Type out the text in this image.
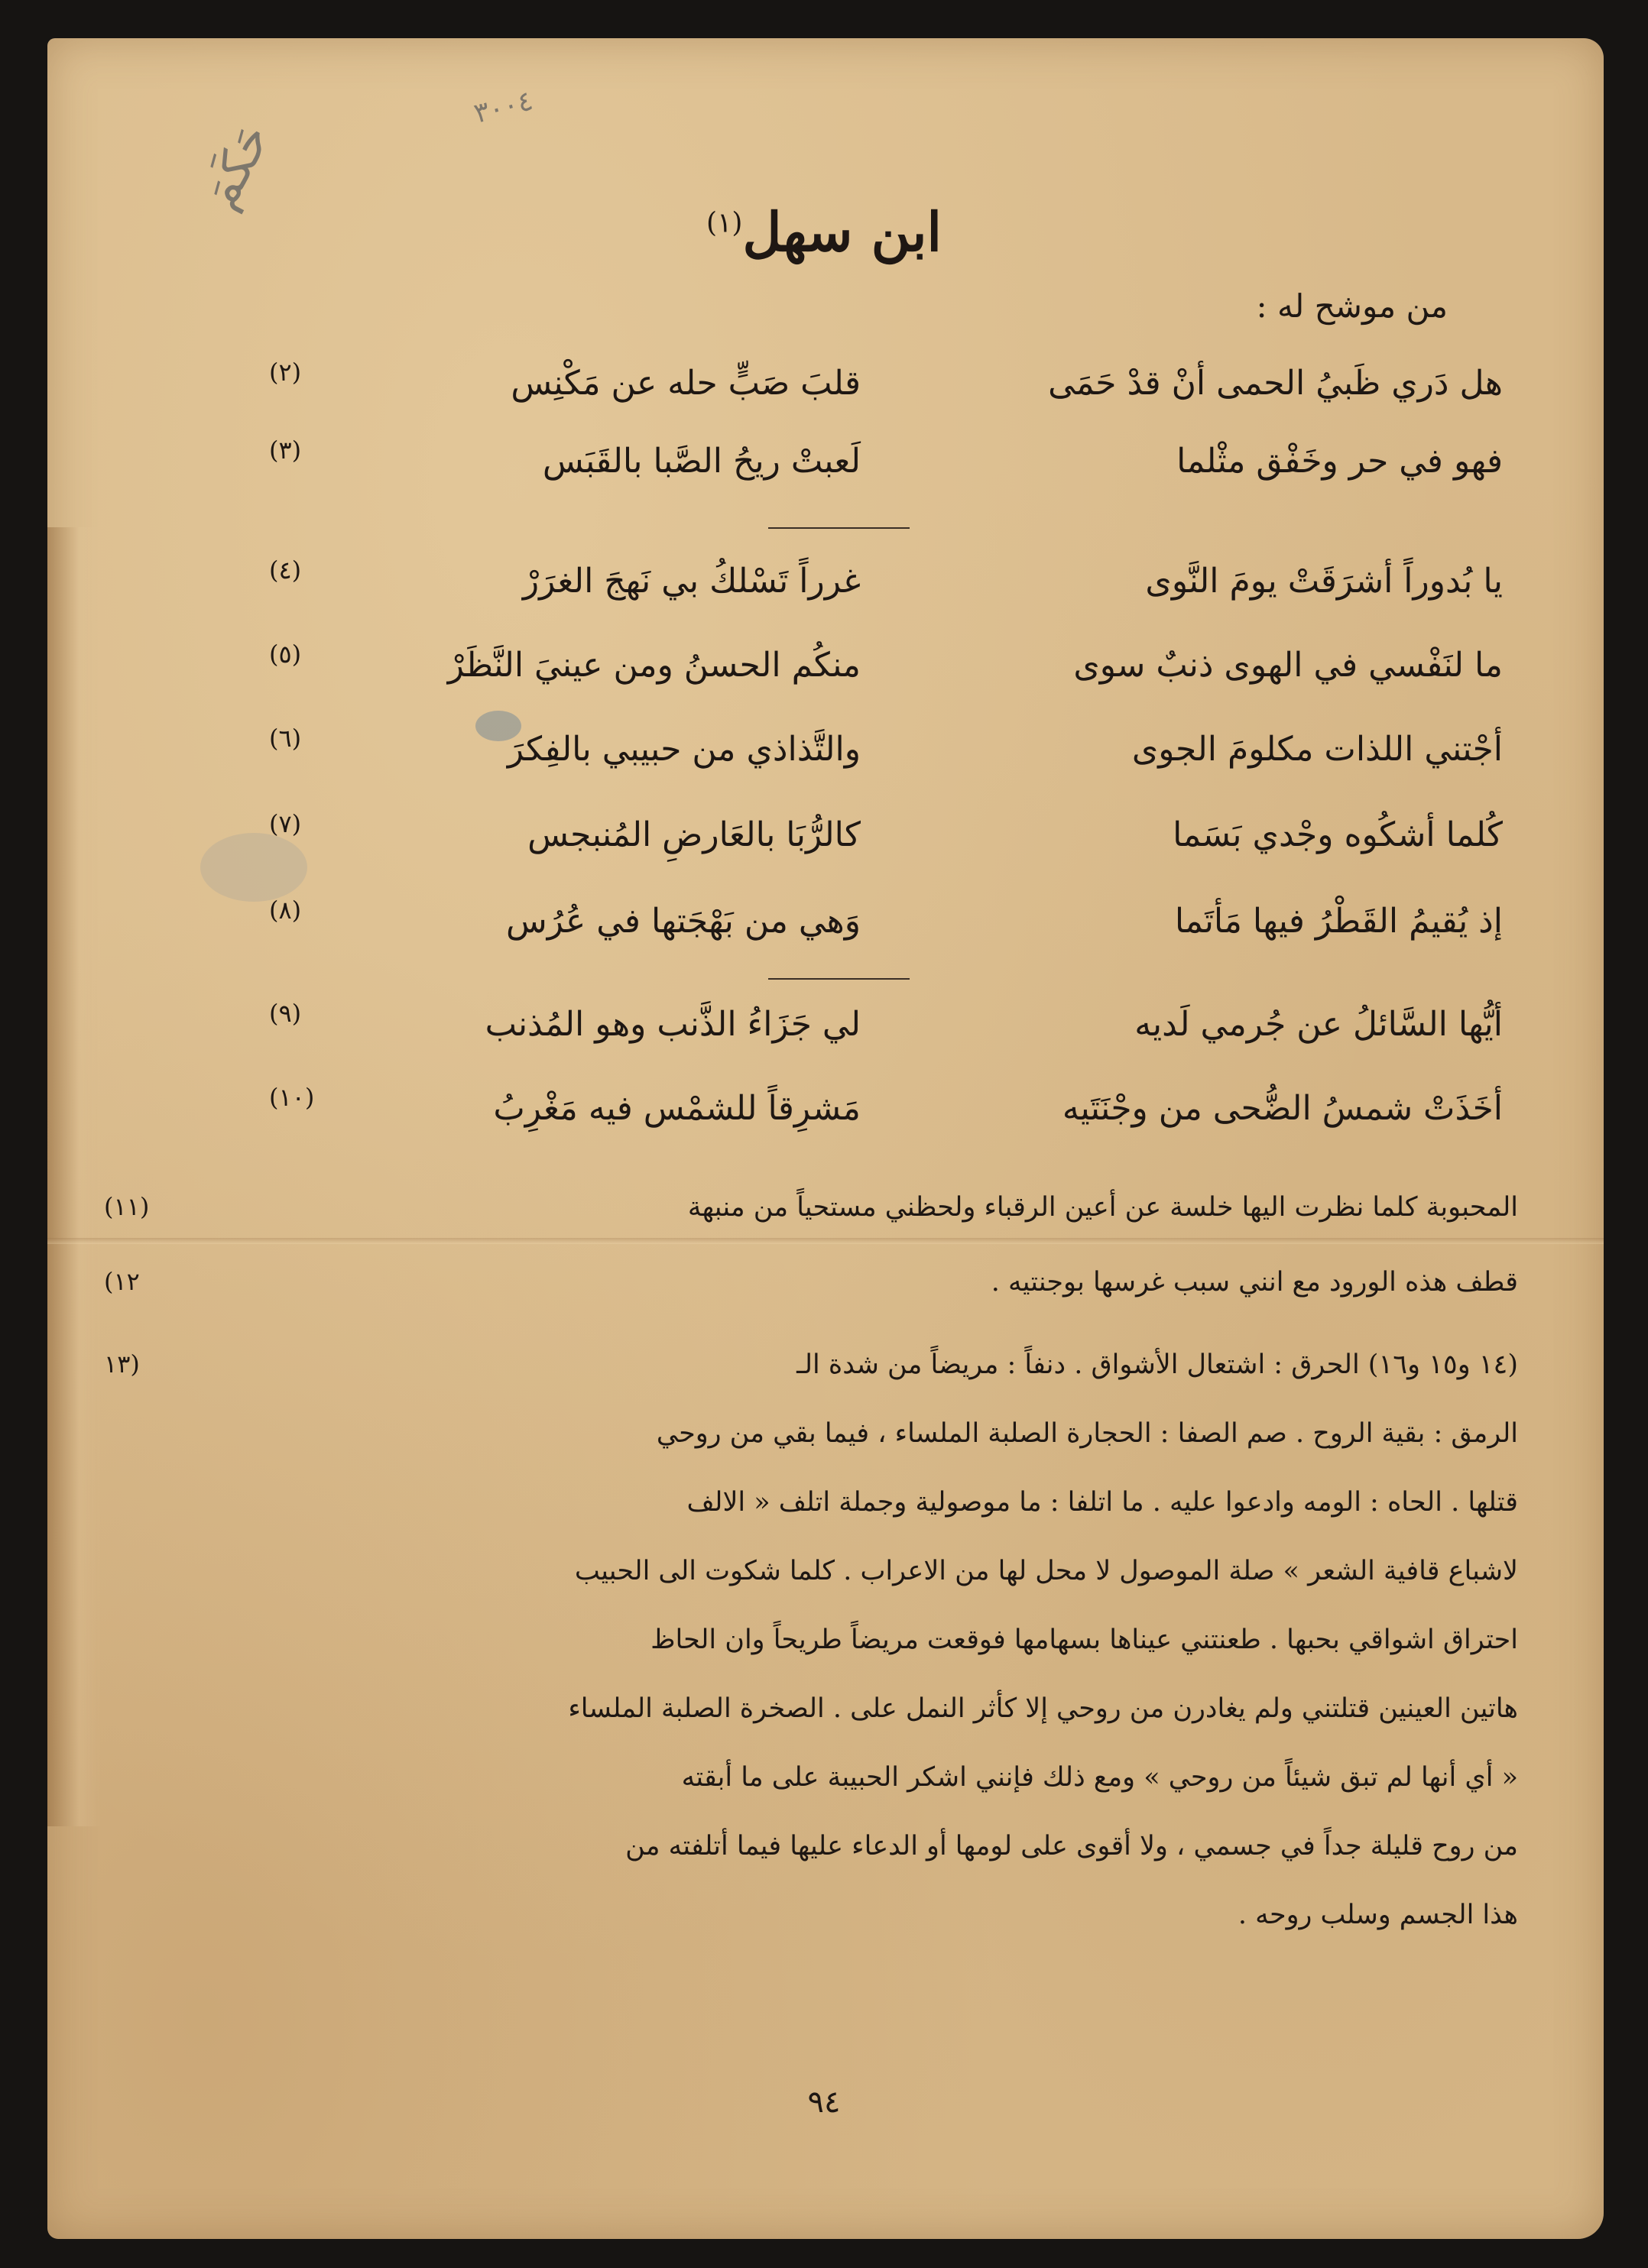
٣٠٠٤
حَكَمَ
ابن سهل$^{(١)}$
من موشح له :
هل دَري ظَبيُ الحمى أنْ قدْ حَمَى
قلبَ صَبٍّ حله عن مَكْنِس
(٢)
فهو في حر وخَفْق مثْلما
لَعبتْ ريحُ الصَّبا بالقَبَس
(٣)
يا بُدوراً أشرَقَتْ يومَ النَّوى
غرراً تَسْلكُ بي نَهجَ الغرَرْ
(٤)
ما لنَفْسي في الهوى ذنبٌ سوى
منكُم الحسنُ ومن عينيَ النَّظَرْ
(٥)
أجْتني اللذات مكلومَ الجوى
والتَّذاذي من حبيبي بالفِكرَ
(٦)
كُلما أشكُوه وجْدي بَسَما
كالرُّبَا بالعَارضِ المُنبجس
(٧)
إذ يُقيمُ القَطْرُ فيها مَأتَما
وَهي من بَهْجَتها في عُرُس
(٨)
أيُّها السَّائلُ عن جُرمي لَديه
لي جَزَاءُ الذَّنب وهو المُذنب
(٩)
أخَذَتْ شمسُ الضُّحى من وجْنَتَيه
مَشرِقاً للشمْس فيه مَغْرِبُ
(١٠)
المحبوبة كلما نظرت اليها خلسة عن أعين الرقباء ولحظني مستحياً من منبهة
(١١)
قطف هذه الورود مع انني سبب غرسها بوجنتيه .
١٢)
(١٤ و١٥ و١٦) الحرق : اشتعال الأشواق . دنفاً : مريضاً من شدة الـ
(١٣
الرمق : بقية الروح . صم الصفا : الحجارة الصلبة الملساء ، فيما بقي من روحي
قتلها . الحاه : الومه وادعوا عليه . ما اتلفا : ما موصولية وجملة اتلف « الالف
لاشباع قافية الشعر » صلة الموصول لا محل لها من الاعراب . كلما شكوت الى الحبيب
احتراق اشواقي بحبها . طعنتني عيناها بسهامها فوقعت مريضاً طريحاً وان الحاظ
هاتين العينين قتلتني ولم يغادرن من روحي إلا كأثر النمل على . الصخرة الصلبة الملساء
« أي أنها لم تبق شيئاً من روحي » ومع ذلك فإنني اشكر الحبيبة على ما أبقته
من روح قليلة جداً في جسمي ، ولا أقوى على لومها أو الدعاء عليها فيما أتلفته من
هذا الجسم وسلب روحه .
٩٤
